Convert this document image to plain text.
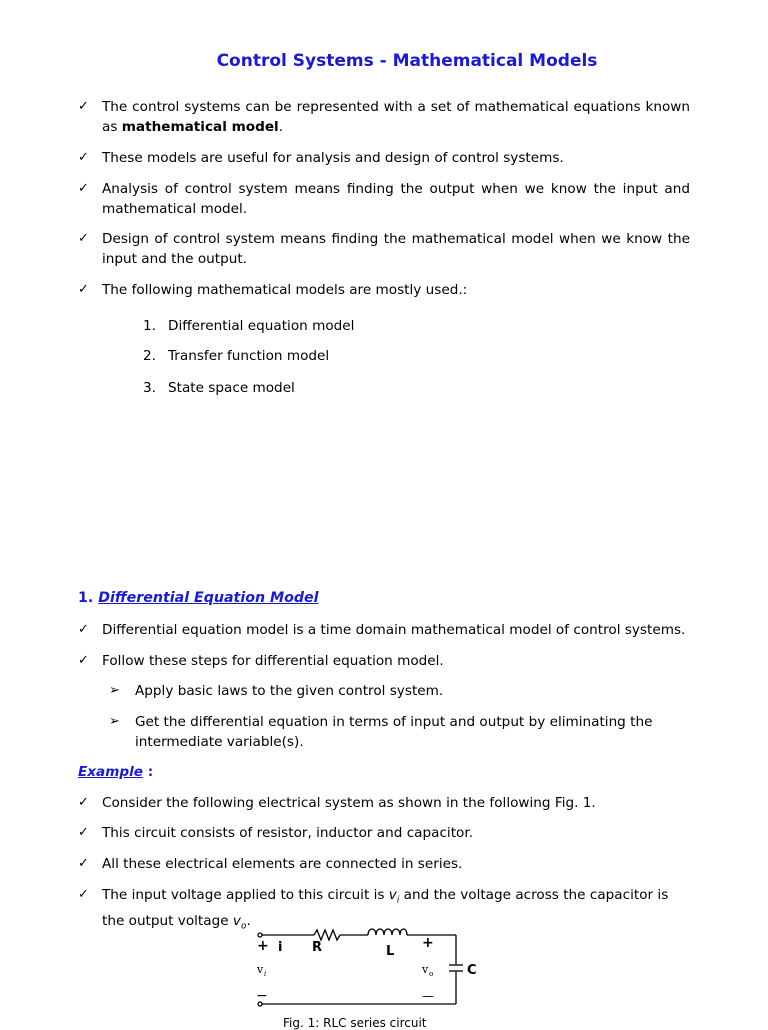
Control Systems - Mathematical Models
✓ The control systems can be represented with a set of mathematical equations known as mathematical model.
✓ These models are useful for analysis and design of control systems.
✓ Analysis of control system means finding the output when we know the input and mathematical model.
✓ Design of control system means finding the mathematical model when we know the input and the output.
✓ The following mathematical models are mostly used.:
1. Differential equation model
2. Transfer function model
3. State space model
1. Differential Equation Model
✓ Differential equation model is a time domain mathematical model of control systems.
✓ Follow these steps for differential equation model.
➢ Apply basic laws to the given control system.
➢ Get the differential equation in terms of input and output by eliminating the intermediate variable(s).
Example :
✓ Consider the following electrical system as shown in the following Fig. 1.
✓ This circuit consists of resistor, inductor and capacitor.
✓ All these electrical elements are connected in series.
✓ The input voltage applied to this circuit is $v_i$ and the voltage across the capacitor is the output voltage $v_o$.
+ i R	L
+
v i	v o	C
−	—
Fig. 1: RLC series circuit
